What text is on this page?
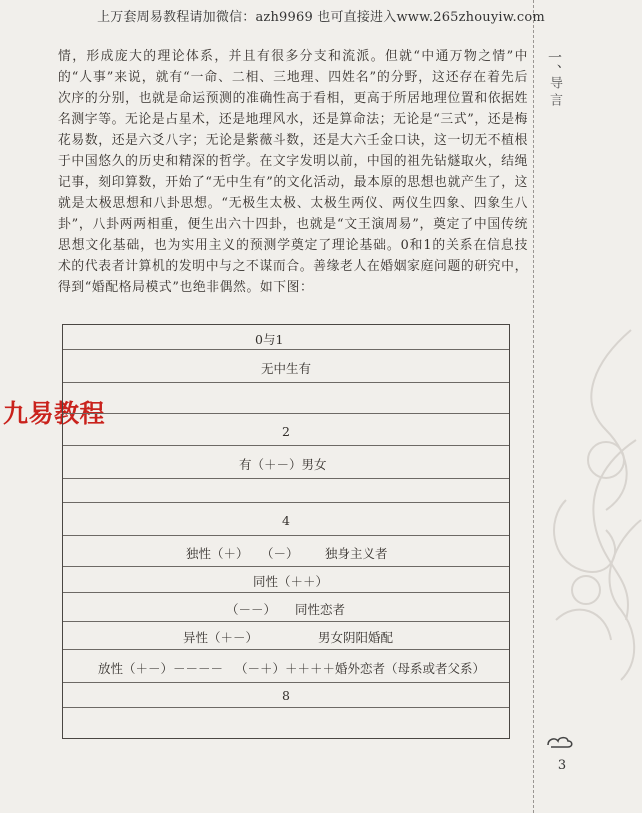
上万套周易教程请加微信：azh9969 也可直接进入www.265zhouyiw.com
一、
导言
3
情，形成庞大的理论体系，并且有很多分支和流派。但就“中通万物之情”中的“人事”来说，就有“一命、二相、三地理、四姓名”的分野，这还存在着先后次序的分别，也就是命运预测的准确性高于看相，更高于所居地理位置和依据姓名测字等。无论是占星术，还是地理风水，还是算命法；无论是“三式”，还是梅花易数，还是六爻八字；无论是紫薇斗数，还是大六壬金口诀，这一切无不植根于中国悠久的历史和精深的哲学。在文字发明以前，中国的祖先钻燧取火，结绳记事，刻印算数，开始了“无中生有”的文化活动，最本原的思想也就产生了，这就是太极思想和八卦思想。“无极生太极、太极生两仪、两仪生四象、四象生八卦”，八卦两两相重，便生出六十四卦，也就是“文王演周易”，奠定了中国传统思想文化基础，也为实用主义的预测学奠定了理论基础。0和1的关系在信息技术的代表者计算机的发明中与之不谋而合。善缘老人在婚姻家庭问题的研究中，得到“婚配格局模式”也绝非偶然。如下图：
九易教程
0与1
无中生有
2
有（＋－）男女
4
独性（＋） （－） 独身主义者
同性（＋＋）
（－－） 同性恋者
异性（＋－）	男女阴阳婚配
放性（＋－）－－－－ （－＋）＋＋＋＋ 婚外恋者（母系或者父系）
8
